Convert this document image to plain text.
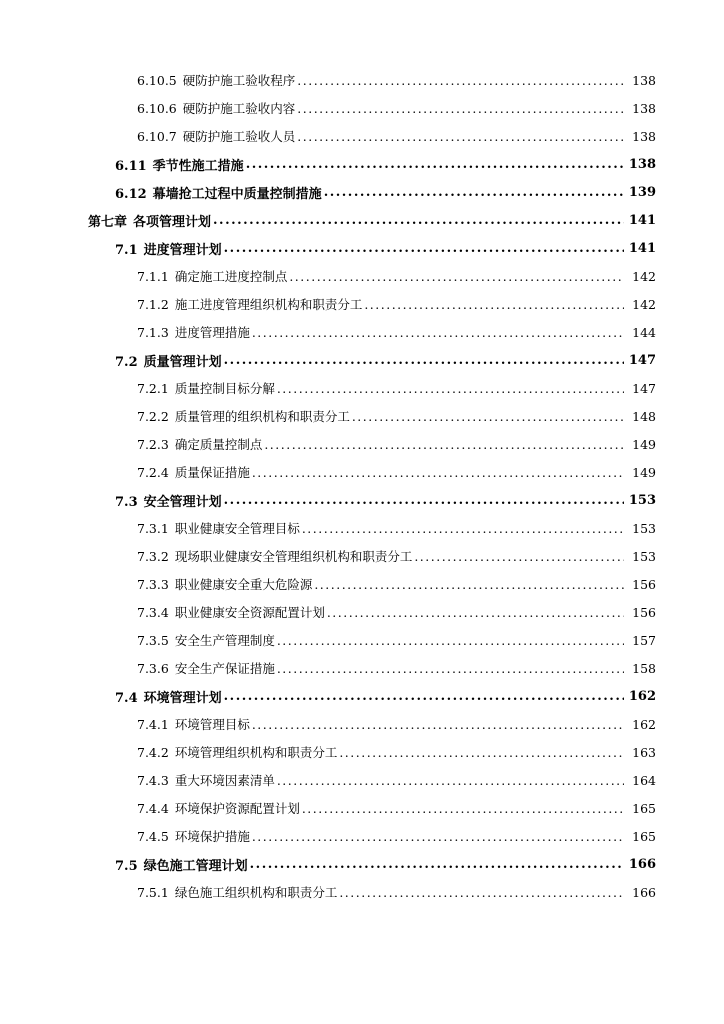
6.10.5 硬防护施工验收程序 .....	138
6.10.6 硬防护施工验收内容 .....	138
6.10.7 硬防护施工验收人员 .....	138
6.11 季节性施工措施 .....	138
6.12 幕墙抢工过程中质量控制措施 .....	139
第七章 各项管理计划 .....	141
7.1 进度管理计划 .....	141
7.1.1 确定施工进度控制点 .....	142
7.1.2 施工进度管理组织机构和职责分工 .....	142
7.1.3 进度管理措施 .....	144
7.2 质量管理计划 .....	147
7.2.1 质量控制目标分解 .....	147
7.2.2 质量管理的组织机构和职责分工 .....	148
7.2.3 确定质量控制点 .....	149
7.2.4 质量保证措施 .....	149
7.3 安全管理计划 .....	153
7.3.1 职业健康安全管理目标 .....	153
7.3.2 现场职业健康安全管理组织机构和职责分工 .....	153
7.3.3 职业健康安全重大危险源 .....	156
7.3.4 职业健康安全资源配置计划 .....	156
7.3.5 安全生产管理制度 .....	157
7.3.6 安全生产保证措施 .....	158
7.4 环境管理计划 .....	162
7.4.1 环境管理目标 .....	162
7.4.2 环境管理组织机构和职责分工 .....	163
7.4.3 重大环境因素清单 .....	164
7.4.4 环境保护资源配置计划 .....	165
7.4.5 环境保护措施 .....	165
7.5 绿色施工管理计划 .....	166
7.5.1 绿色施工组织机构和职责分工 .....	166
